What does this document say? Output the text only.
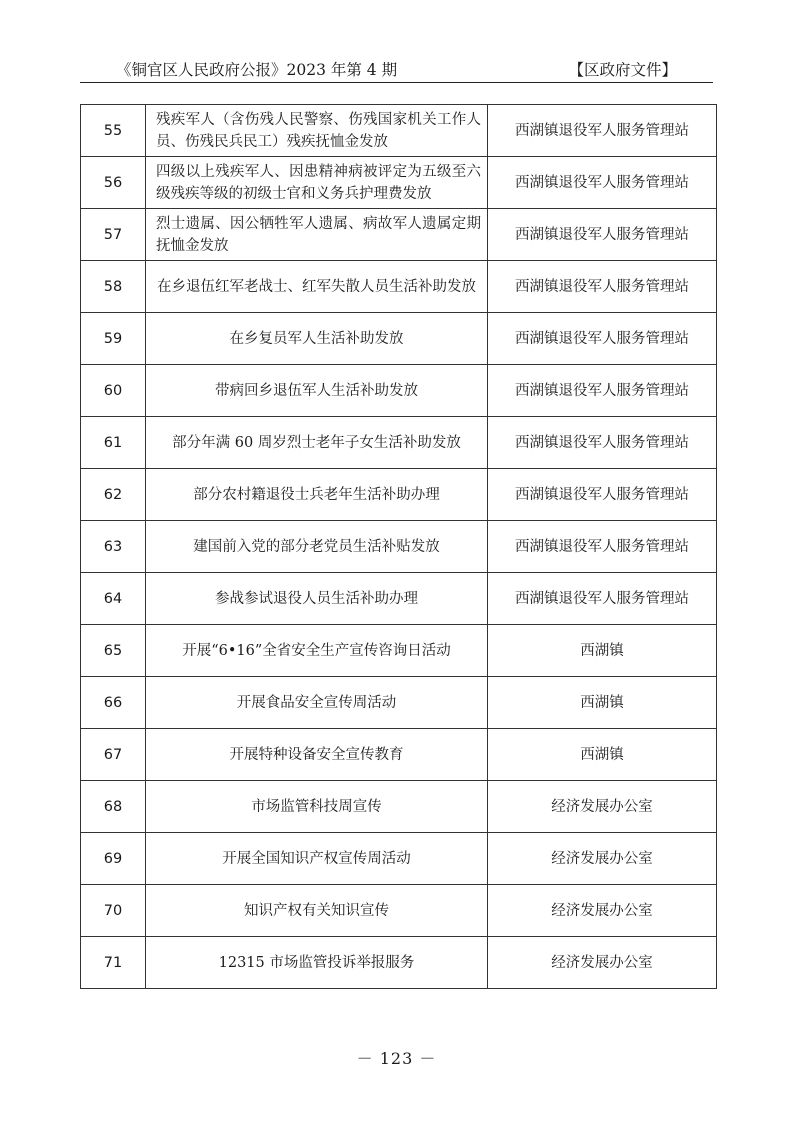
《铜官区人民政府公报》2023 年第 4 期	【区政府文件】
55	残疾军人（含伤残人民警察、伤残国家机关工作人员、伤残民兵民工）残疾抚恤金发放	西湖镇退役军人服务管理站
56	四级以上残疾军人、因患精神病被评定为五级至六级残疾等级的初级士官和义务兵护理费发放	西湖镇退役军人服务管理站
57	烈士遗属、因公牺牲军人遗属、病故军人遗属定期抚恤金发放	西湖镇退役军人服务管理站
58	在乡退伍红军老战士、红军失散人员生活补助发放	西湖镇退役军人服务管理站
59	在乡复员军人生活补助发放	西湖镇退役军人服务管理站
60	带病回乡退伍军人生活补助发放	西湖镇退役军人服务管理站
61	部分年满 60 周岁烈士老年子女生活补助发放	西湖镇退役军人服务管理站
62	部分农村籍退役士兵老年生活补助办理	西湖镇退役军人服务管理站
63	建国前入党的部分老党员生活补贴发放	西湖镇退役军人服务管理站
64	参战参试退役人员生活补助办理	西湖镇退役军人服务管理站
65	开展“6•16”全省安全生产宣传咨询日活动	西湖镇
66	开展食品安全宣传周活动	西湖镇
67	开展特种设备安全宣传教育	西湖镇
68	市场监管科技周宣传	经济发展办公室
69	开展全国知识产权宣传周活动	经济发展办公室
70	知识产权有关知识宣传	经济发展办公室
71	12315 市场监管投诉举报服务	经济发展办公室
－ 123 －
